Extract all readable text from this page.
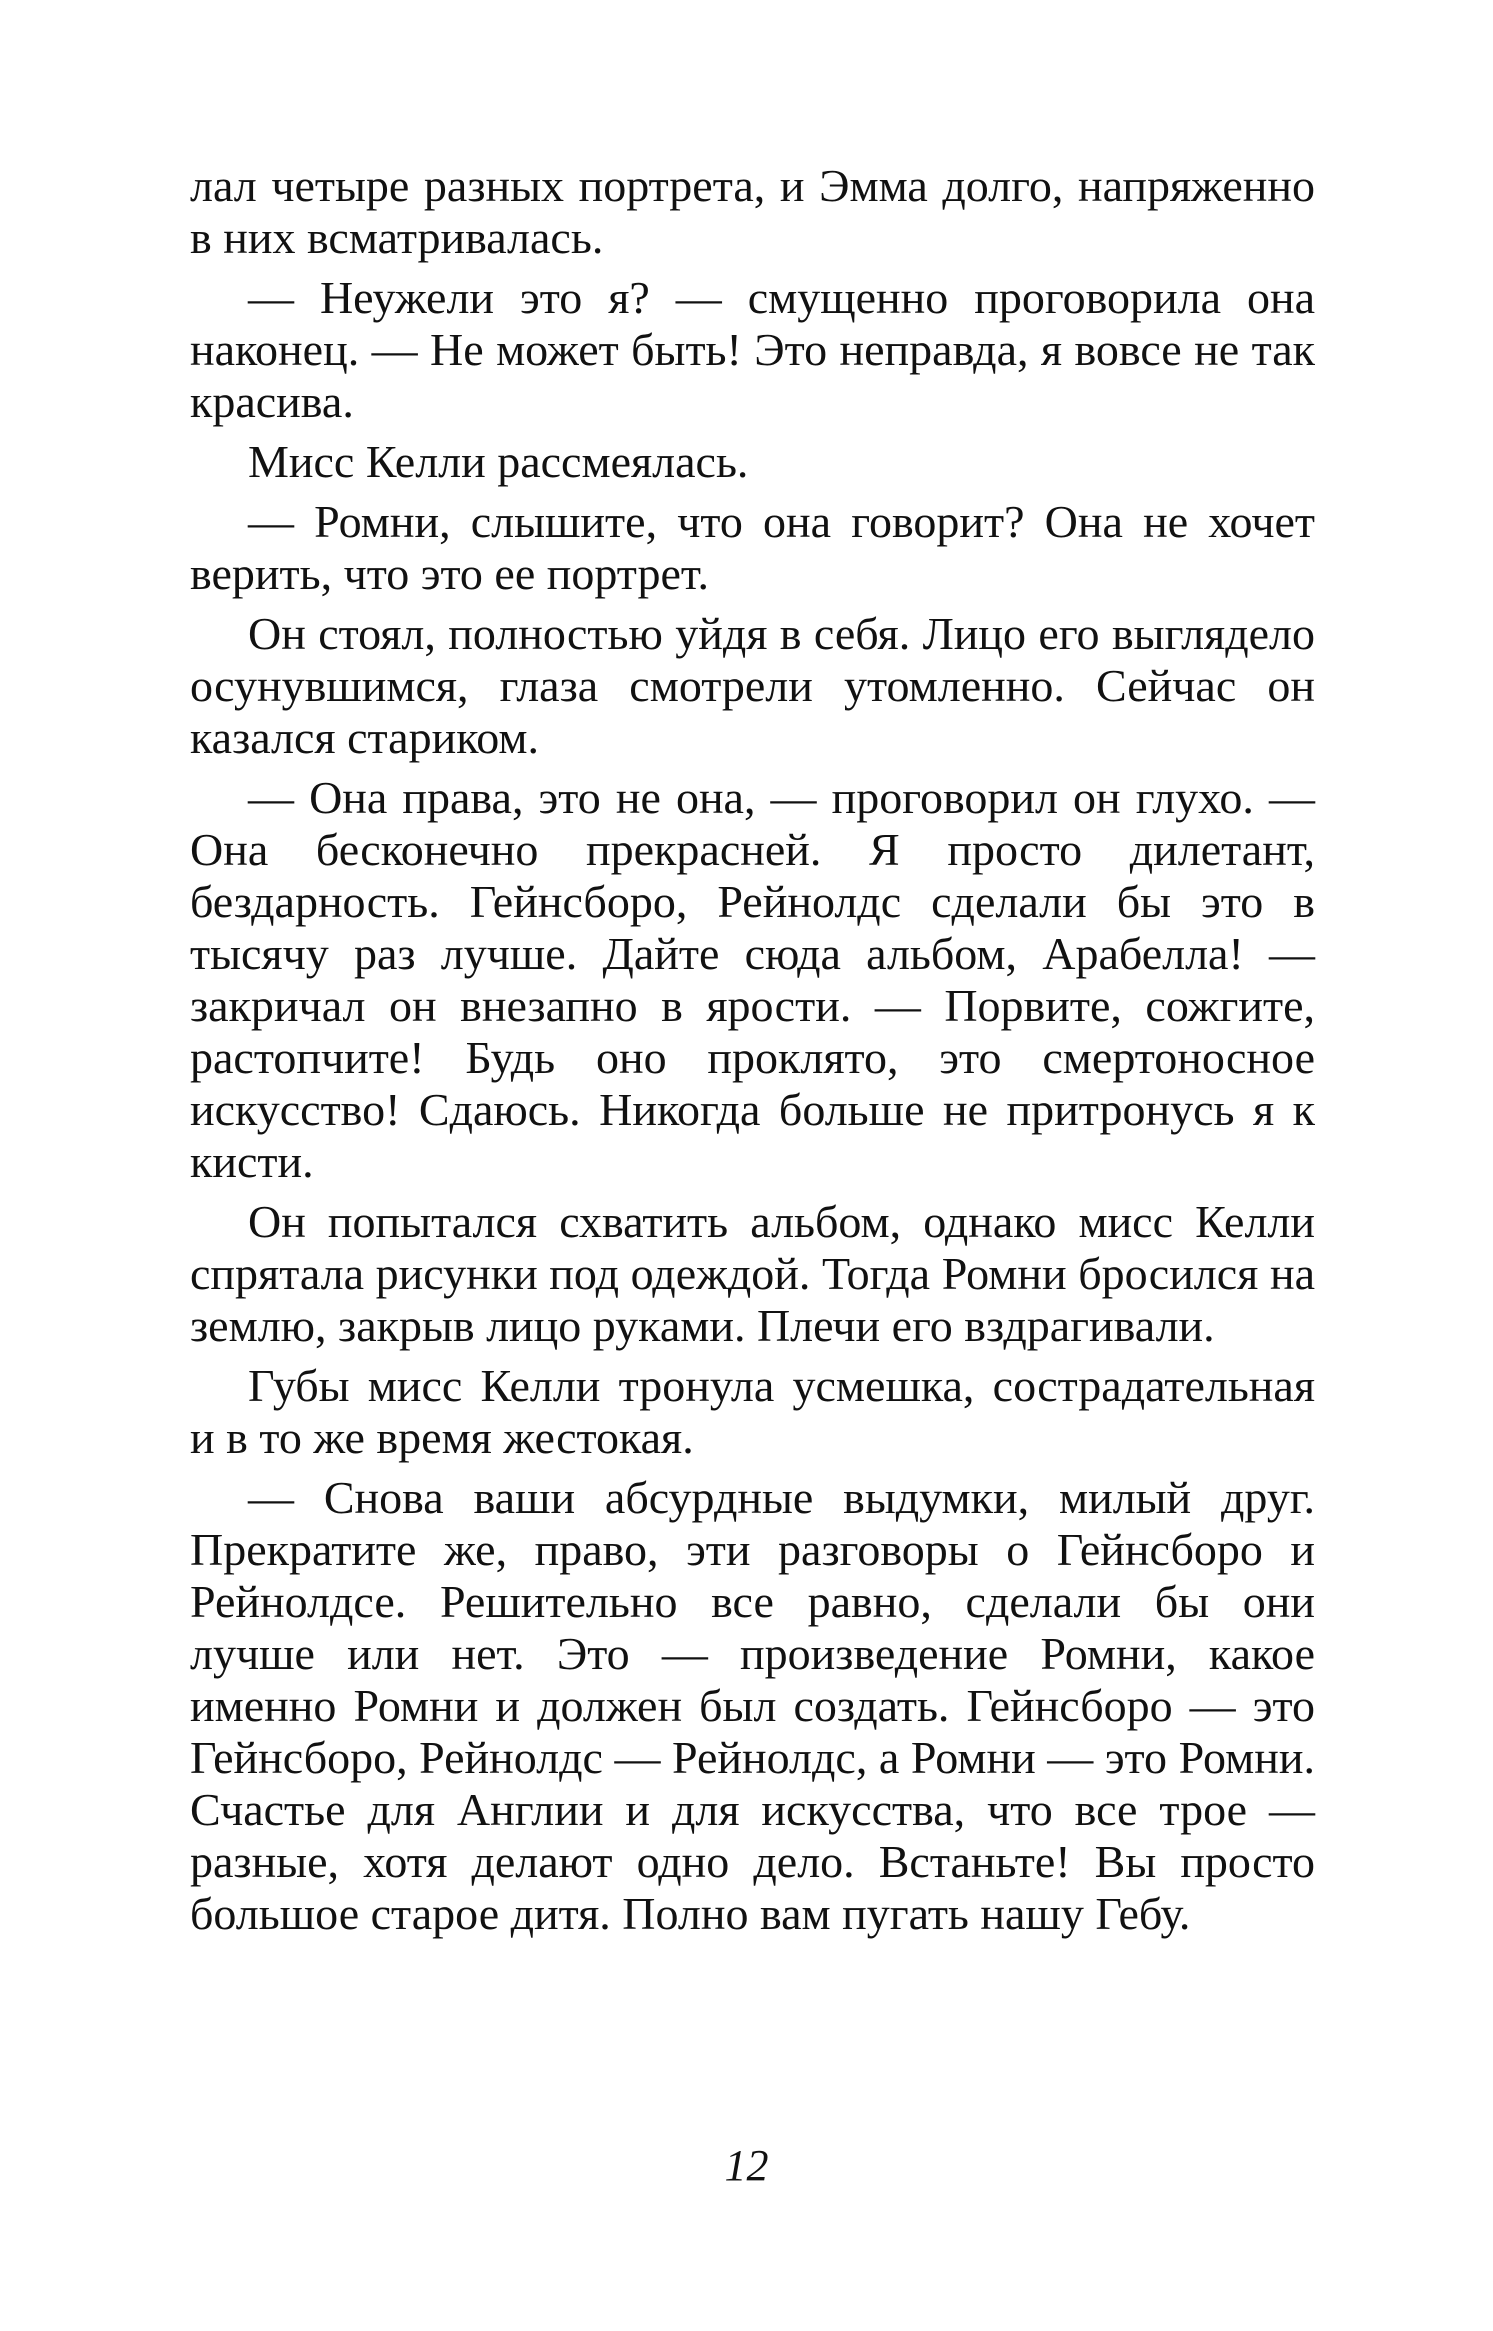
лал четыре разных портрета, и Эмма долго, напряженно в них всматривалась.

— Неужели это я? — смущенно проговорила она наконец. — Не может быть! Это неправда, я вовсе не так красива.

Мисс Келли рассмеялась.

— Ромни, слышите, что она говорит? Она не хочет верить, что это ее портрет.

Он стоял, полностью уйдя в себя. Лицо его выглядело осунувшимся, глаза смотрели утомленно. Сейчас он казался стариком.

— Она права, это не она, — проговорил он глухо. — Она бесконечно прекрасней. Я просто дилетант, бездарность. Гейнсборо, Рейнолдс сделали бы это в тысячу раз лучше. Дайте сюда альбом, Арабелла! — закричал он внезапно в ярости. — Порвите, сожгите, растопчите! Будь оно проклято, это смертоносное искусство! Сдаюсь. Никогда больше не притронусь я к кисти.

Он попытался схватить альбом, однако мисс Келли спрятала рисунки под одеждой. Тогда Ромни бросился на землю, закрыв лицо руками. Плечи его вздрагивали.

Губы мисс Келли тронула усмешка, сострадательная и в то же время жестокая.

— Снова ваши абсурдные выдумки, милый друг. Прекратите же, право, эти разговоры о Гейнсборо и Рейнолдсе. Решительно все равно, сделали бы они лучше или нет. Это — произведение Ромни, какое именно Ромни и должен был создать. Гейнсборо — это Гейнсборо, Рейнолдс — Рейнолдс, а Ромни — это Ромни. Счастье для Англии и для искусства, что все трое — разные, хотя делают одно дело. Встаньте! Вы просто большое старое дитя. Полно вам пугать нашу Гебу.

12
